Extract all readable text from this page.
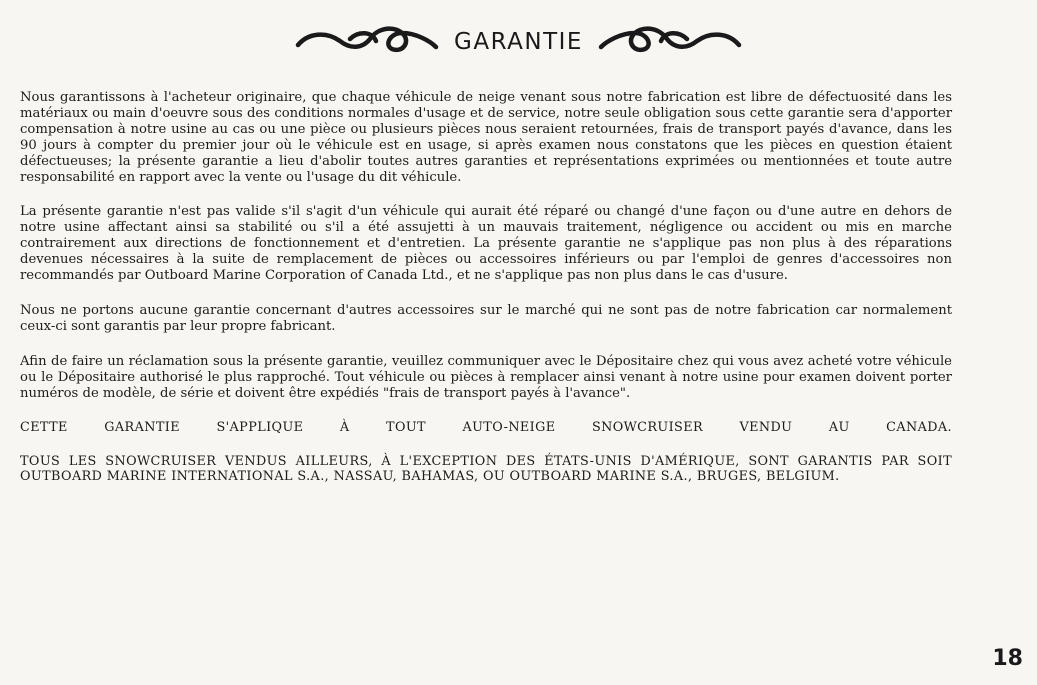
GARANTIE

Nous garantissons à l'acheteur originaire, que chaque véhicule de neige venant sous notre fabrication est libre de défectuosité dans les matériaux ou main d'oeuvre sous des conditions normales d'usage et de service, notre seule obligation sous cette garantie sera d'apporter compensation à notre usine au cas ou une pièce ou plusieurs pièces nous seraient retournées, frais de transport payés d'avance, dans les 90 jours à compter du premier jour où le véhicule est en usage, si après examen nous constatons que les pièces en question étaient défectueuses; la présente garantie a lieu d'abolir toutes autres garanties et représentations exprimées ou mentionnées et toute autre responsabilité en rapport avec la vente ou l'usage du dit véhicule.

La présente garantie n'est pas valide s'il s'agit d'un véhicule qui aurait été réparé ou changé d'une façon ou d'une autre en dehors de notre usine affectant ainsi sa stabilité ou s'il a été assujetti à un mauvais traitement, négligence ou accident ou mis en marche contrairement aux directions de fonctionnement et d'entretien. La présente garantie ne s'applique pas non plus à des réparations devenues nécessaires à la suite de remplacement de pièces ou accessoires inférieurs ou par l'emploi de genres d'accessoires non recommandés par Outboard Marine Corporation of Canada Ltd., et ne s'applique pas non plus dans le cas d'usure.

Nous ne portons aucune garantie concernant d'autres accessoires sur le marché qui ne sont pas de notre fabrication car normalement ceux-ci sont garantis par leur propre fabricant.

Afin de faire un réclamation sous la présente garantie, veuillez communiquer avec le Dépositaire chez qui vous avez acheté votre véhicule ou le Dépositaire authorisé le plus rapproché. Tout véhicule ou pièces à remplacer ainsi venant à notre usine pour examen doivent porter numéros de modèle, de série et doivent être expédiés "frais de transport payés à l'avance".

CETTE GARANTIE S'APPLIQUE À TOUT AUTO-NEIGE SNOWCRUISER VENDU AU CANADA.

TOUS LES SNOWCRUISER VENDUS AILLEURS, À L'EXCEPTION DES ÉTATS-UNIS D'AMÉRIQUE, SONT GARANTIS PAR SOIT OUTBOARD MARINE INTERNATIONAL S.A., NASSAU, BAHAMAS, OU OUTBOARD MARINE S.A., BRUGES, BELGIUM.

18
